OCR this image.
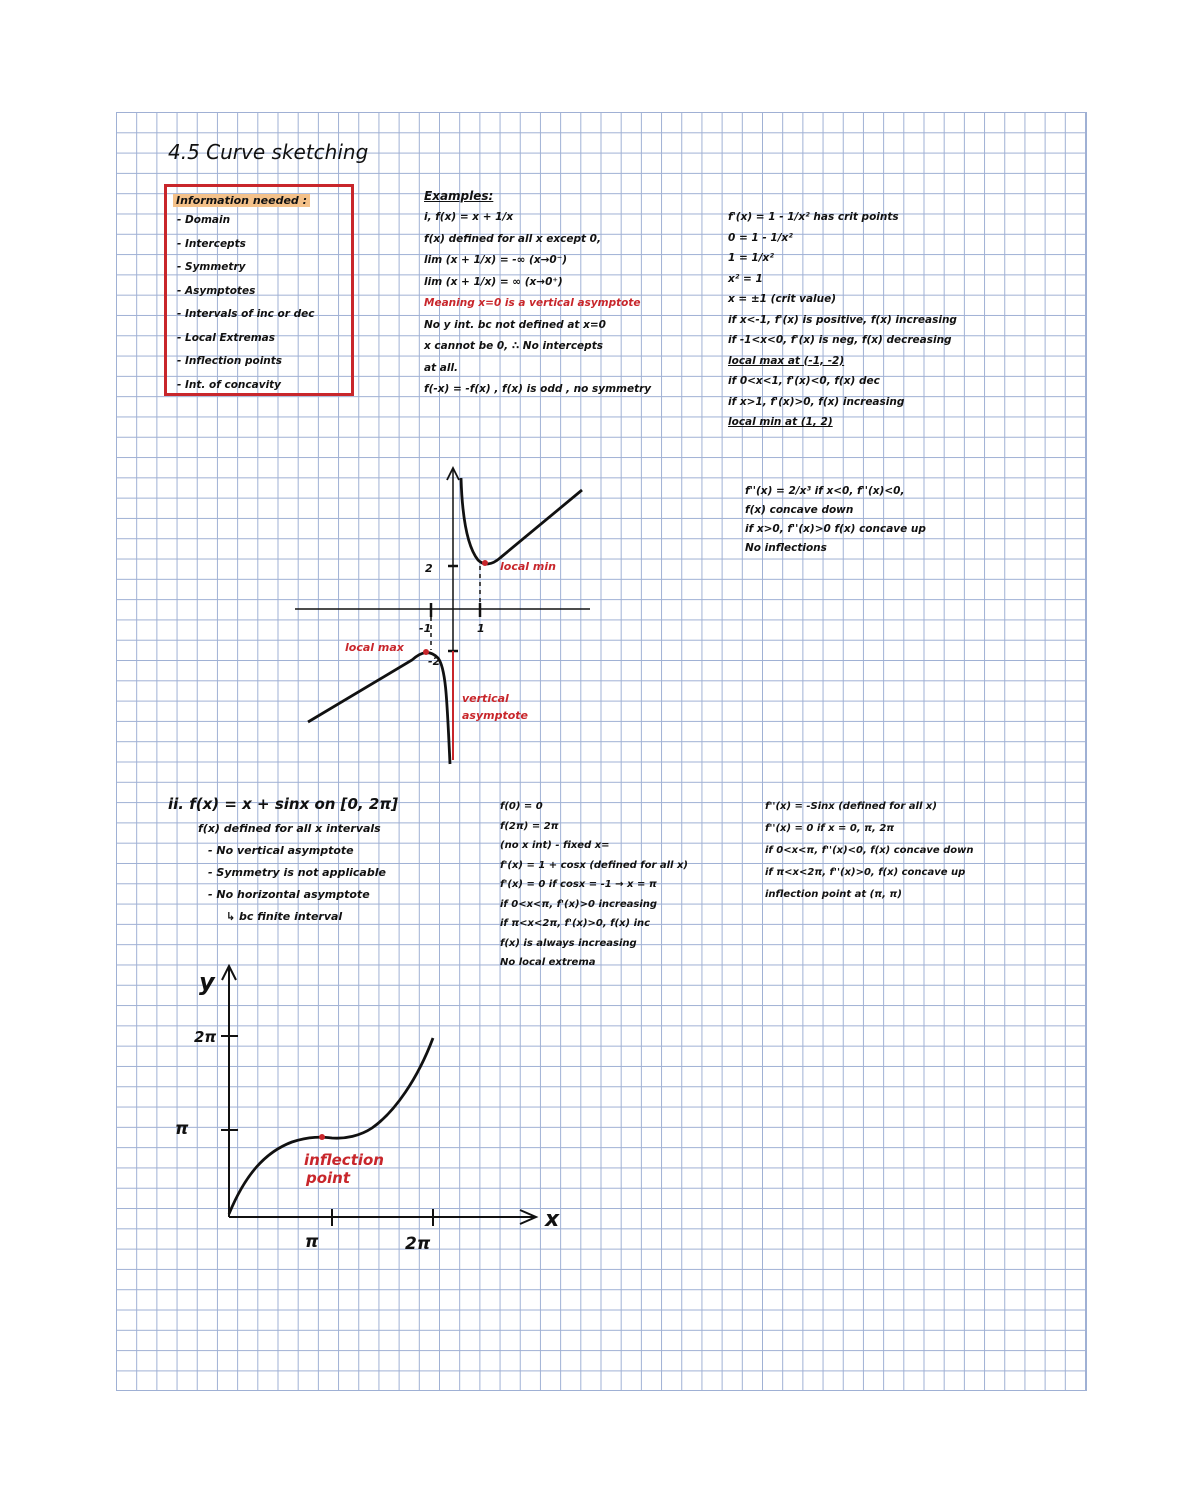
4.5 Curve sketching
Information needed :
- Domain
- Intercepts
- Symmetry
- Asymptotes
- Intervals of inc or dec
- Local Extremas
- Inflection points
- Int. of concavity
Examples:
i, f(x) = x + 1/x
f(x) defined for all x except 0,
lim (x + 1/x) = -∞ (x→0⁻)
lim (x + 1/x) = ∞ (x→0⁺)
Meaning x=0 is a vertical asymptote
No y int. bc not defined at x=0
x cannot be 0, ∴ No intercepts
at all.
f(-x) = -f(x) , f(x) is odd , no symmetry
f'(x) = 1 - 1/x² has crit points
0 = 1 - 1/x²
1 = 1/x²
x² = 1
x = ±1 (crit value)
if x<-1, f'(x) is positive, f(x) increasing
if -1<x<0, f'(x) is neg, f(x) decreasing
local max at (-1, -2)
if 0<x<1, f'(x)<0, f(x) dec
if x>1, f'(x)>0, f(x) increasing
local min at (1, 2)
f''(x) = 2/x³ if x<0, f''(x)<0,
f(x) concave down
if x>0, f''(x)>0 f(x) concave up
No inflections
2
-1	1
-2
local min
local max
vertical
asymptote
ii. f(x) = x + sinx on [0, 2π]
f(x) defined for all x intervals
- No vertical asymptote
- Symmetry is not applicable
- No horizontal asymptote
↳ bc finite interval
f(0) = 0
f(2π) = 2π
(no x int) - fixed x=
f'(x) = 1 + cosx (defined for all x)
f'(x) = 0 if cosx = -1 → x = π
if 0<x<π, f'(x)>0 increasing
if π<x<2π, f'(x)>0, f(x) inc
f(x) is always increasing
No local extrema
f''(x) = -Sinx (defined for all x)
f''(x) = 0 if x = 0, π, 2π
if 0<x<π, f''(x)<0, f(x) concave down
if π<x<2π, f''(x)>0, f(x) concave up
inflection point at (π, π)
y
x
2π
π
π	2π
inflection
point
